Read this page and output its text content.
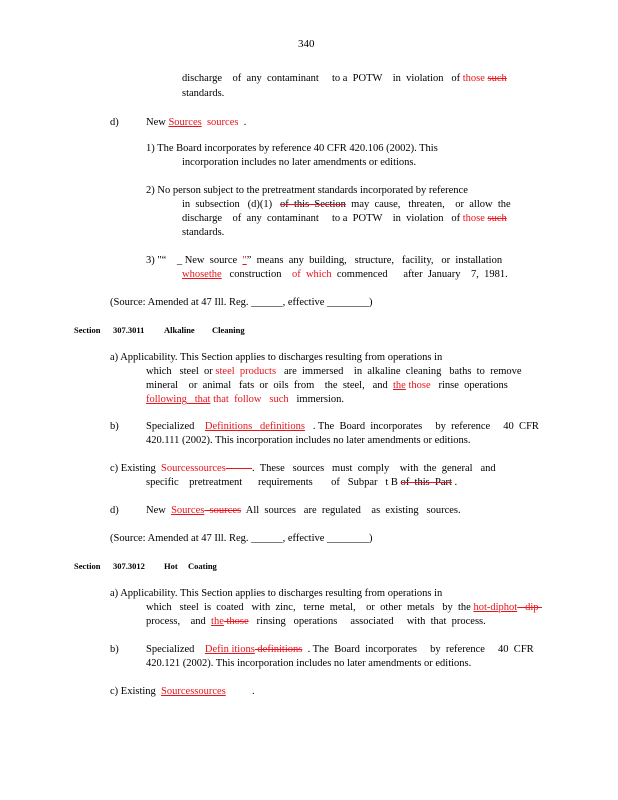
340
discharge    of  any  contaminant     to a  POTW    in  violation   of those such
standards.
d)	New Sources  sources  .
1) The Board incorporates by reference 40 CFR 420.106 (2002). This
incorporation includes no later amendments or editions.
2) No person subject to the pretreatment standards incorporated by reference
in  subsection   (d)(1)   of  this  Section  may  cause,   threaten,    or  allow  the
discharge    of  any  contaminant     to a  POTW    in  violation   of those such
standards.
3) "“    _ New  source  "”  means  any  building,   structure,   facility,   or  installation
whosethe   construction    of  which  commenced      after  January    7,  1981.
(Source: Amended at 47 Ill. Reg. ______, effective ________)
Section 307.3011 Alkaline Cleaning
a) Applicability. This Section applies to discharges resulting from operations in
which   steel  or steel  products   are  immersed    in  alkaline  cleaning   baths  to  remove
mineral    or  animal   fats  or  oils  from    the  steel,   and  the those   rinse  operations
following   that that  follow   such   immersion.
b)	Specialized    Definitions   definitions   . The  Board  incorporates     by  reference     40  CFR
420.111 (2002). This incorporation includes no later amendments or editions.
c) Existing  Sourcessources	.  These   sources   must  comply    with  the  general   and
specific    pretreatment      requirements       of   Subpar   t B of  this  Part .
d)	New  Sources  sources  All  sources   are  regulated    as  existing   sources.
(Source: Amended at 47 Ill. Reg. ______, effective ________)
Section 307.3012 Hot Coating
a) Applicability. This Section applies to discharges resulting from operations in
which   steel  is  coated   with  zinc,   terne  metal,    or  other  metals   by  the hot-diphot   dip-
process,    and  the those   rinsing   operations     associated     with  that  process.
b)	Specialized    Defin itions definitions  . The  Board  incorporates     by  reference     40  CFR
420.121 (2002). This incorporation includes no later amendments or editions.
c) Existing  Sourcessources          .
